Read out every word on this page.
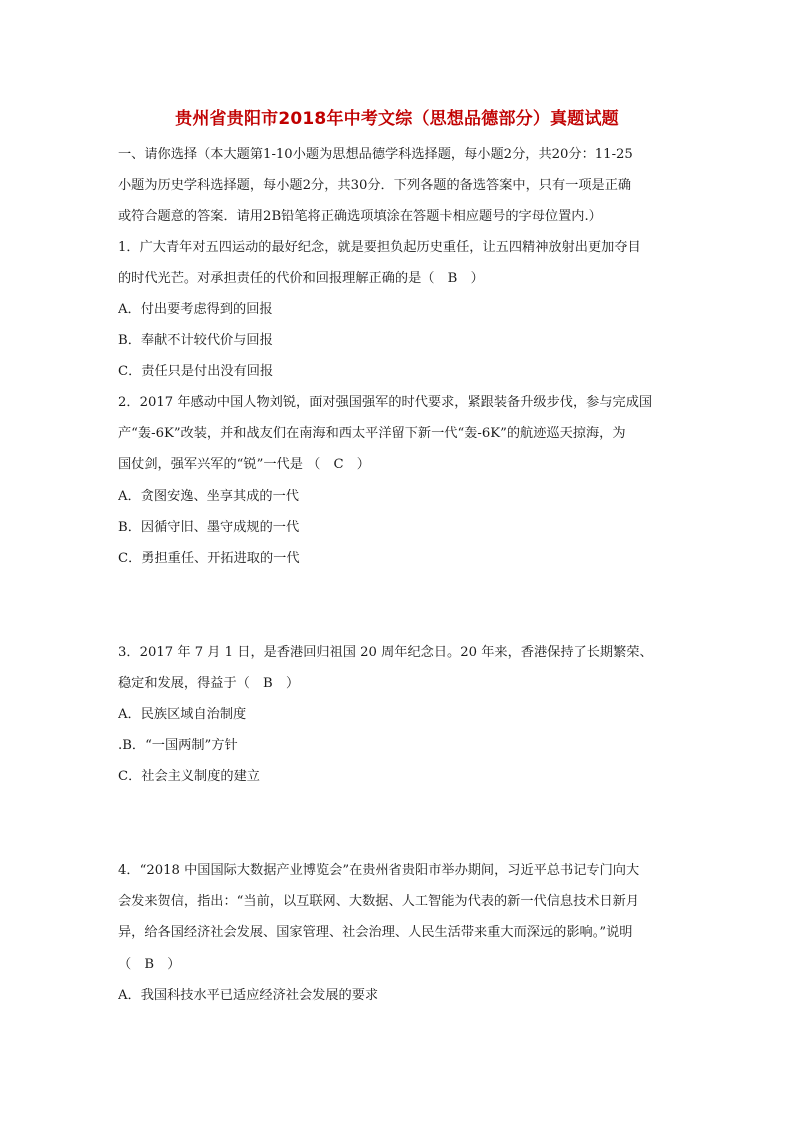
贵州省贵阳市2018年中考文综（思想品德部分）真题试题
一、请你选择（本大题第1-10小题为思想品德学科选择题，每小题2分，共20分：11-25
小题为历史学科选择题，每小题2分，共30分．下列各题的备选答案中，只有一项是正确
或符合题意的答案．请用2B铅笔将正确选项填涂在答题卡相应题号的字母位置内.）
1．广大青年对五四运动的最好纪念，就是要担负起历史重任，让五四精神放射出更加夺目
的时代光芒。对承担责任的代价和回报理解正确的是（　B　）
A．付出要考虑得到的回报
B．奉献不计较代价与回报
C．责任只是付出没有回报
2．2017 年感动中国人物刘锐，面对强国强军的时代要求，紧跟装备升级步伐，参与完成国
产“轰-6K”改装，并和战友们在南海和西太平洋留下新一代“轰-6K”的航迹巡天掠海，为
国仗剑，强军兴军的“锐”一代是 （　C　）
A．贪图安逸、坐享其成的一代
B．因循守旧、墨守成规的一代
C．勇担重任、开拓进取的一代
3．2017 年 7 月 1 日，是香港回归祖国 20 周年纪念日。20 年来，香港保持了长期繁荣、
稳定和发展，得益于（　B　）
A．民族区域自治制度
.B．“一国两制”方针
C．社会主义制度的建立
4．“2018 中国国际大数据产业博览会”在贵州省贵阳市举办期间，习近平总书记专门向大
会发来贺信，指出：“当前，以互联网、大数据、人工智能为代表的新一代信息技术日新月
异，给各国经济社会发展、国家管理、社会治理、人民生活带来重大而深远的影响。”说明
（　B　）
A．我国科技水平已适应经济社会发展的要求
